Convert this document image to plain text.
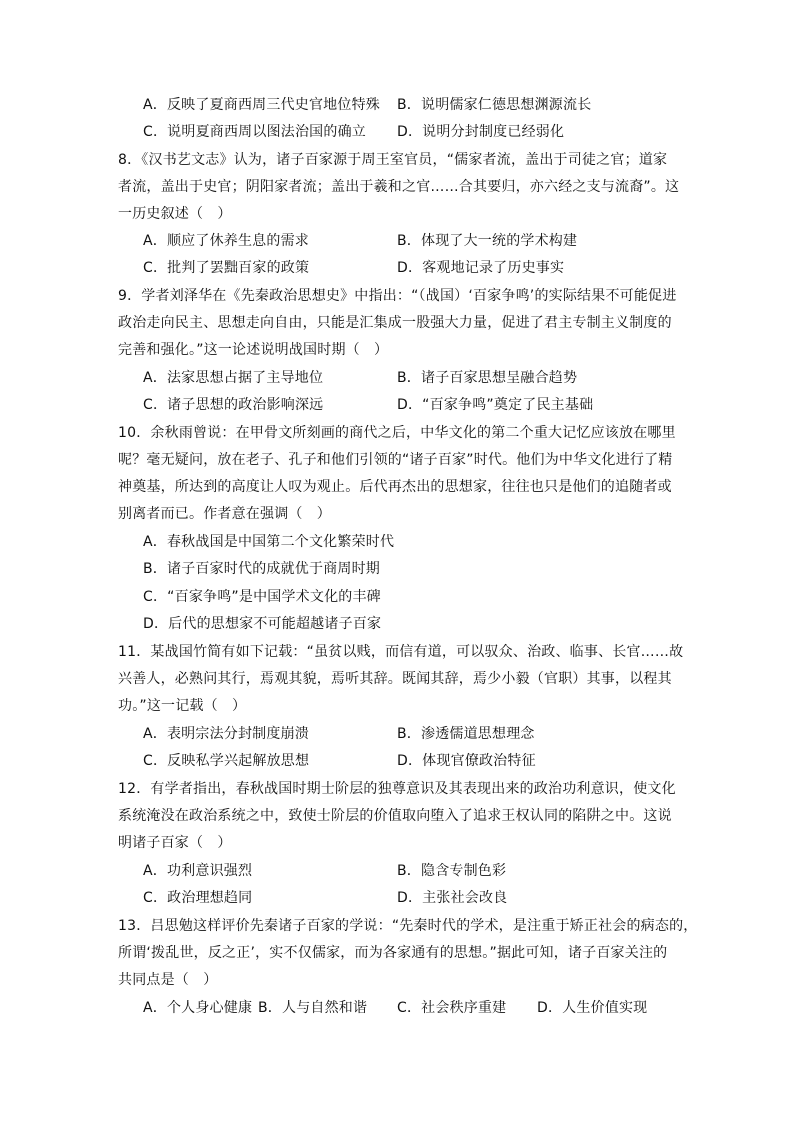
A．反映了夏商西周三代史官地位特殊 B．说明儒家仁德思想渊源流长
C．说明夏商西周以图法治国的确立 D．说明分封制度已经弱化
8．《汉书艺文志》认为，诸子百家源于周王室官员，“儒家者流，盖出于司徒之官；道家
者流，盖出于史官；阴阳家者流；盖出于羲和之官……合其要归，亦六经之支与流裔”。这
一历史叙述（　）
A．顺应了休养生息的需求	B．体现了大一统的学术构建
C．批判了罢黜百家的政策	D．客观地记录了历史事实
9．学者刘泽华在《先秦政治思想史》中指出：“（战国）‘百家争鸣’的实际结果不可能促进
政治走向民主、思想走向自由，只能是汇集成一股强大力量，促进了君主专制主义制度的
完善和强化。”这一论述说明战国时期（　）
A．法家思想占据了主导地位	B．诸子百家思想呈融合趋势
C．诸子思想的政治影响深远	D．“百家争鸣”奠定了民主基础
10．余秋雨曾说：在甲骨文所刻画的商代之后，中华文化的第二个重大记忆应该放在哪里
呢？毫无疑问，放在老子、孔子和他们引领的“诸子百家”时代。他们为中华文化进行了精
神奠基，所达到的高度让人叹为观止。后代再杰出的思想家，往往也只是他们的追随者或
别离者而已。作者意在强调（　）
A．春秋战国是中国第二个文化繁荣时代
B．诸子百家时代的成就优于商周时期
C．“百家争鸣”是中国学术文化的丰碑
D．后代的思想家不可能超越诸子百家
11．某战国竹简有如下记载：“虽贫以贱，而信有道，可以驭众、治政、临事、长官……故
兴善人，必熟问其行，焉观其貌，焉听其辞。既闻其辞，焉少小毅（官职）其事，以程其
功。”这一记载（　）
A．表明宗法分封制度崩溃	B．渗透儒道思想理念
C．反映私学兴起解放思想	D．体现官僚政治特征
12．有学者指出，春秋战国时期士阶层的独尊意识及其表现出来的政治功利意识，使文化
系统淹没在政治系统之中，致使士阶层的价值取向堕入了追求王权认同的陷阱之中。这说
明诸子百家（　）
A．功利意识强烈	B．隐含专制色彩
C．政治理想趋同	D．主张社会改良
13．吕思勉这样评价先秦诸子百家的学说：“先秦时代的学术，是注重于矫正社会的病态的，
所谓‘拨乱世，反之正’，实不仅儒家，而为各家通有的思想。”据此可知，诸子百家关注的
共同点是（　）
A．个人身心健康 B．人与自然和谐 C．社会秩序重建 D．人生价值实现
